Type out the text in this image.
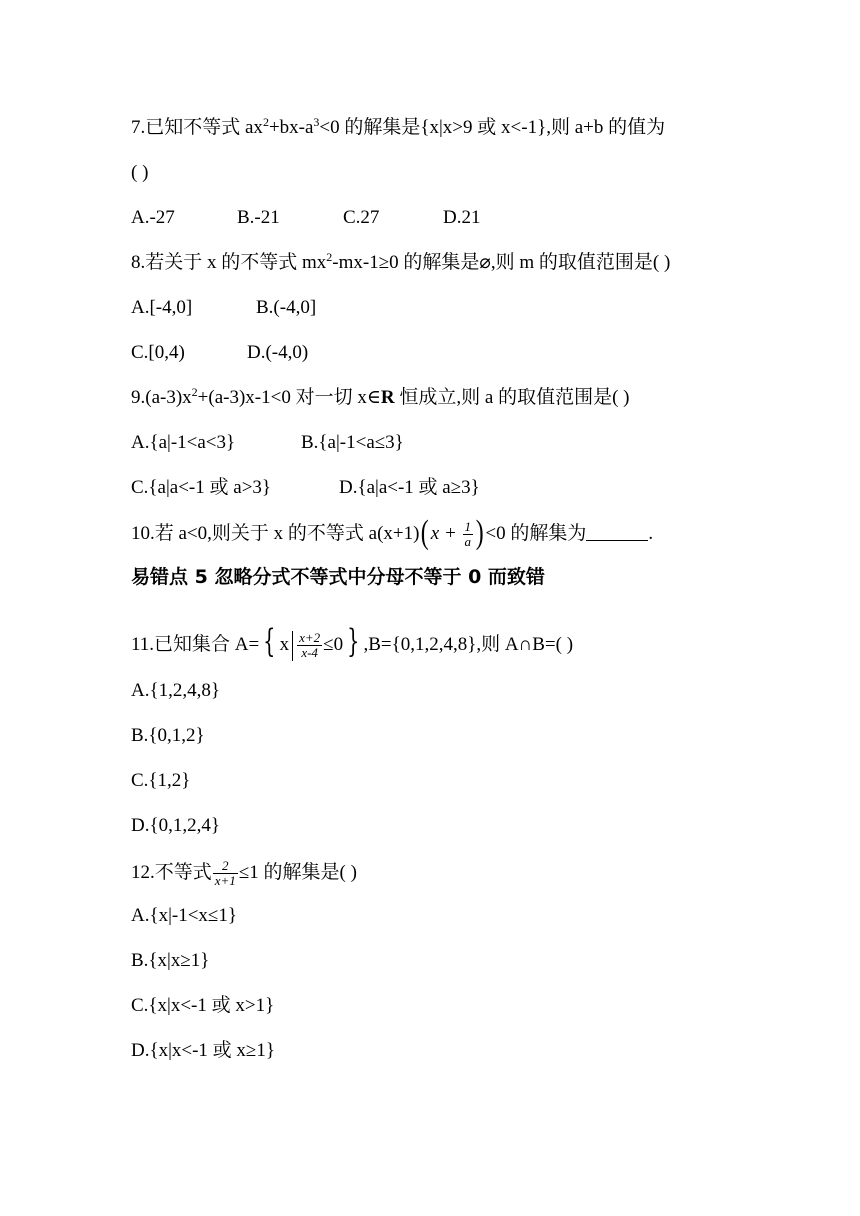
7.已知不等式 $ax^2+bx-a^3<0$ 的解集是{x|x>9 或 x<-1},则 a+b 的值为
( )
A.-27	B.-21	C.27	D.21
8.若关于 x 的不等式 $mx^2-mx-1\ge 0$ 的解集是⌀,则 m 的取值范围是( )
A.[-4,0]	B.(-4,0]
C.[0,4)	D.(-4,0)
$9.(a-3)x^2+(a-3)x-1<0$ 对一切 x∈R 恒成立,则 a 的取值范围是( )
A.{a|-1<a<3}	B.{a|-1<a≤3}
C.{a|a<-1 或 a>3}	D.{a|a<-1 或 a≥3}
10.若 a<0,则关于 x 的不等式 $a(x+1)(x + \frac{1}{a} )<0$ 的解集为	.
易错点 5 忽略分式不等式中分母不等于 0 而致错
11.已知集合 A= { x $\frac{x+2}{x-4} \le 0$ } ,B={0,1,2,4,8},则 A∩B=( )
A.{1,2,4,8}
B.{0,1,2}
C.{1,2}
D.{0,1,2,4}
12.不等式 $\frac{2}{x+1} \le 1$ 的解集是( )
A.{x|-1<x≤1}
B.{x|x≥1}
C.{x|x<-1 或 x>1}
D.{x|x<-1 或 x≥1}
